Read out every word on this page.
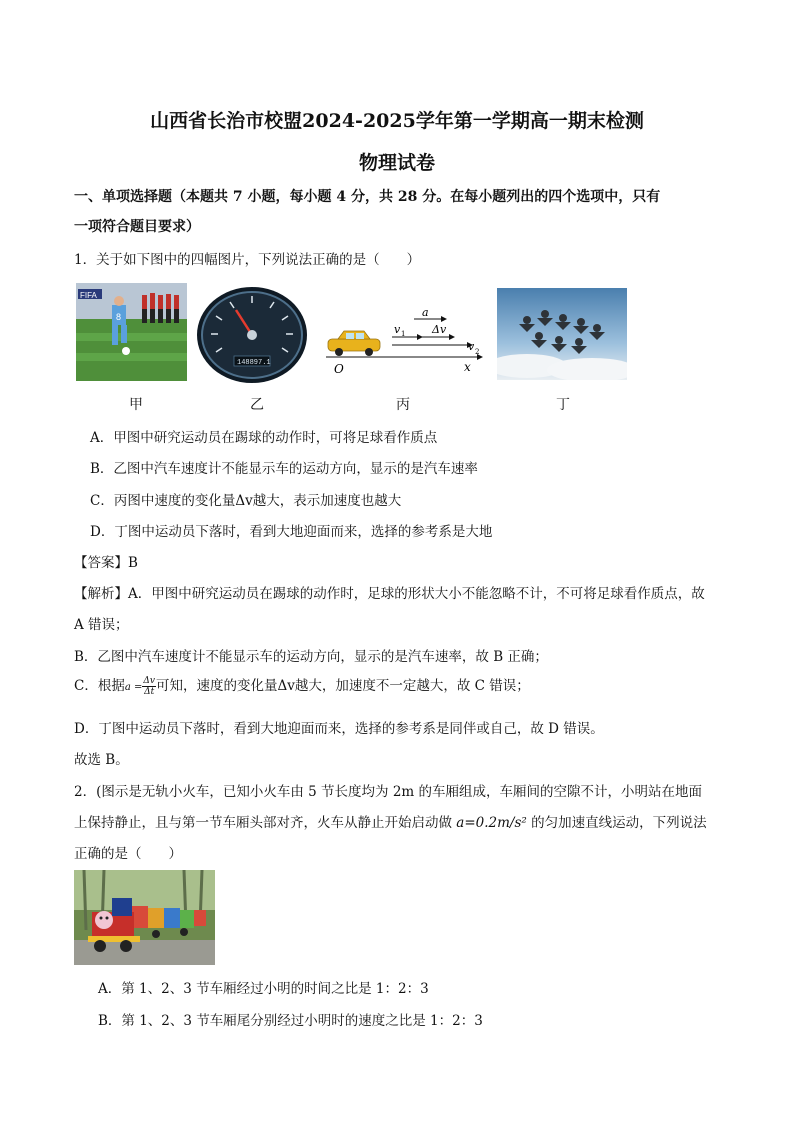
山西省长治市校盟2024-2025学年第一学期高一期末检测
物理试卷
一、单项选择题（本题共 7 小题，每小题 4 分，共 28 分。在每小题列出的四个选项中，只有
一项符合题目要求）
1．关于如下图中的四幅图片，下列说法正确的是（　　）
FIFA
8
148897.1
a
v 1 Δv
v 2
O	x
甲	乙	丙	丁
A．甲图中研究运动员在踢球的动作时，可将足球看作质点
B．乙图中汽车速度计不能显示车的运动方向，显示的是汽车速率
C．丙图中速度的变化量Δv越大，表示加速度也越大
D．丁图中运动员下落时，看到大地迎面而来，选择的参考系是大地
【答案】B
【解析】A．甲图中研究运动员在踢球的动作时，足球的形状大小不能忽略不计，不可将足球看作质点，故
A 错误；
B．乙图中汽车速度计不能显示车的运动方向，显示的是汽车速率，故 B 正确；
C．根据$a = \frac{\Delta v}{\Delta t}$ 可知，速度的变化量Δv越大，加速度不一定越大，故 C 错误；
D．丁图中运动员下落时，看到大地迎面而来，选择的参考系是同伴或自己，故 D 错误。
故选 B。
2．(图示是无轨小火车，已知小火车由 5 节长度均为 2m 的车厢组成，车厢间的空隙不计，小明站在地面
上保持静止，且与第一节车厢头部对齐，火车从静止开始启动做 a=0.2m/s² 的匀加速直线运动，下列说法
正确的是（　　）
A．第 1、2、3 节车厢经过小明的时间之比是 1：2：3
B．第 1、2、3 节车厢尾分别经过小明时的速度之比是 1：2：3
